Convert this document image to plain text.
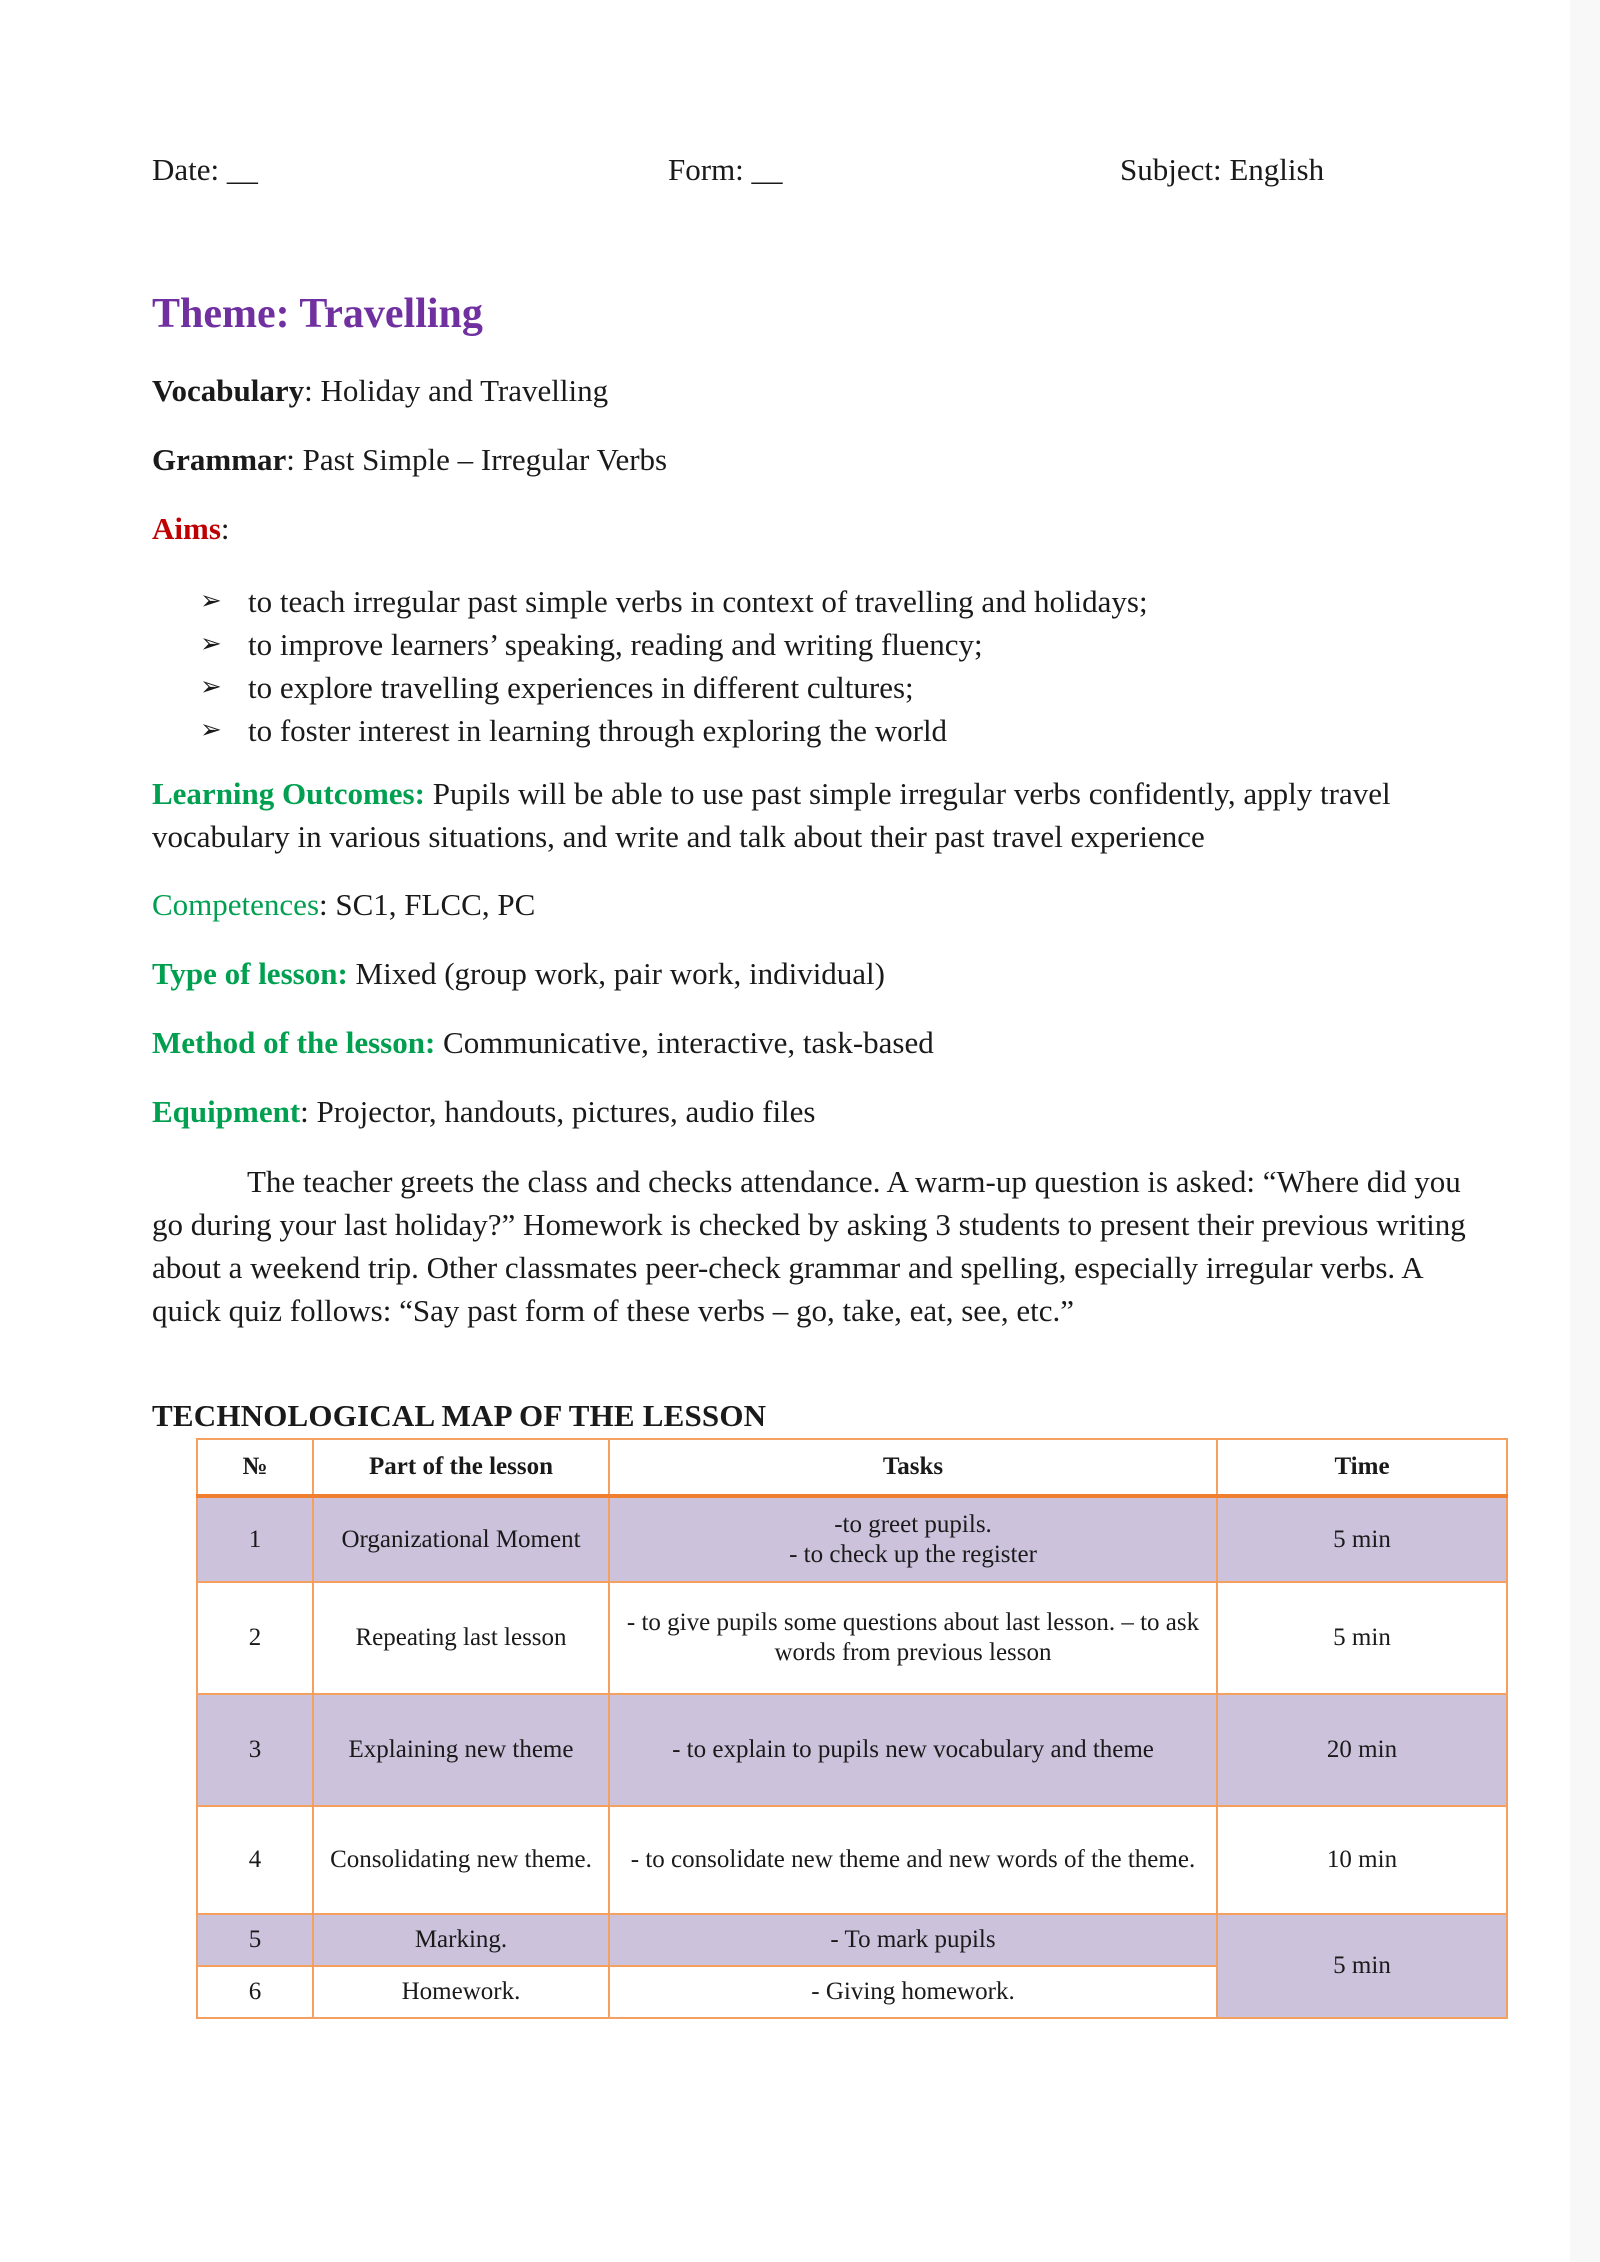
Date: __	Form: __	Subject: English
Theme: Travelling
Vocabulary: Holiday and Travelling
Grammar: Past Simple – Irregular Verbs
Aims:
➢ to teach irregular past simple verbs in context of travelling and holidays;
➢ to improve learners’ speaking, reading and writing fluency;
➢ to explore travelling experiences in different cultures;
➢ to foster interest in learning through exploring the world
Learning Outcomes: Pupils will be able to use past simple irregular verbs confidently, apply travel vocabulary in various situations, and write and talk about their past travel experience
Competences: SC1, FLCC, PC
Type of lesson: Mixed (group work, pair work, individual)
Method of the lesson: Communicative, interactive, task-based
Equipment: Projector, handouts, pictures, audio files
The teacher greets the class and checks attendance. A warm-up question is asked: “Where did you go during your last holiday?” Homework is checked by asking 3 students to present their previous writing about a weekend trip. Other classmates peer-check grammar and spelling, especially irregular verbs. A quick quiz follows: “Say past form of these verbs – go, take, eat, see, etc.”
TECHNOLOGICAL MAP OF THE LESSON
№	Part of the lesson	Tasks	Time
1	Organizational Moment	-to greet pupils.
- to check up the register	5 min
2	Repeating last lesson	- to give pupils some questions about last lesson. – to ask words from previous lesson	5 min
3	Explaining new theme	- to explain to pupils new vocabulary and theme	20 min
4	Consolidating new theme.	- to consolidate new theme and new words of the theme.	10 min
5	Marking.	- To mark pupils	5 min
6	Homework.	- Giving homework.	
